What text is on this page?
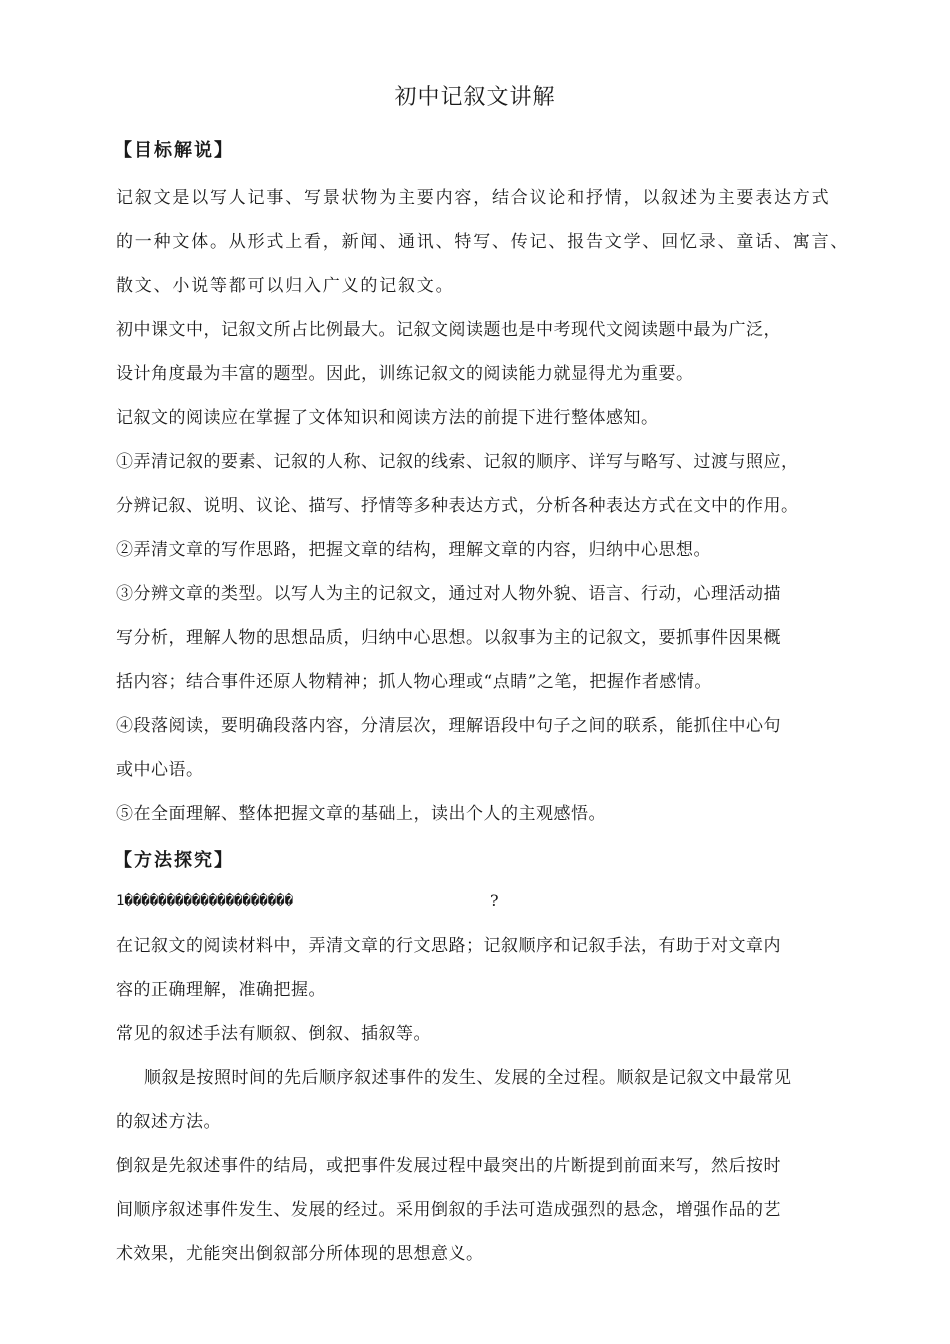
初中记叙文讲解
【目标解说】
记叙文是以写人记事、写景状物为主要内容，结合议论和抒情，以叙述为主要表达方式
的一种文体。从形式上看，新闻、通讯、特写、传记、报告文学、回忆录、童话、寓言、
散文、小说等都可以归入广义的记叙文。
初中课文中，记叙文所占比例最大。记叙文阅读题也是中考现代文阅读题中最为广泛，
设计角度最为丰富的题型。因此，训练记叙文的阅读能力就显得尤为重要。
记叙文的阅读应在掌握了文体知识和阅读方法的前提下进行整体感知。
①弄清记叙的要素、记叙的人称、记叙的线索、记叙的顺序、详写与略写、过渡与照应，
分辨记叙、说明、议论、描写、抒情等多种表达方式，分析各种表达方式在文中的作用。
②弄清文章的写作思路，把握文章的结构，理解文章的内容，归纳中心思想。
③分辨文章的类型。以写人为主的记叙文，通过对人物外貌、语言、行动，心理活动描
写分析，理解人物的思想品质，归纳中心思想。以叙事为主的记叙文，要抓事件因果概
括内容；结合事件还原人物精神；抓人物心理或“点睛”之笔，把握作者感情。
④段落阅读，要明确段落内容，分清层次，理解语段中句子之间的联系，能抓住中心句
或中心语。
⑤在全面理解、整体把握文章的基础上，读出个人的主观感悟。
【方法探究】
1��������������������	?
在记叙文的阅读材料中，弄清文章的行文思路；记叙顺序和记叙手法，有助于对文章内
容的正确理解，准确把握。
常见的叙述手法有顺叙、倒叙、插叙等。
顺叙是按照时间的先后顺序叙述事件的发生、发展的全过程。顺叙是记叙文中最常见
的叙述方法。
倒叙是先叙述事件的结局，或把事件发展过程中最突出的片断提到前面来写，然后按时
间顺序叙述事件发生、发展的经过。采用倒叙的手法可造成强烈的悬念，增强作品的艺
术效果，尤能突出倒叙部分所体现的思想意义。
